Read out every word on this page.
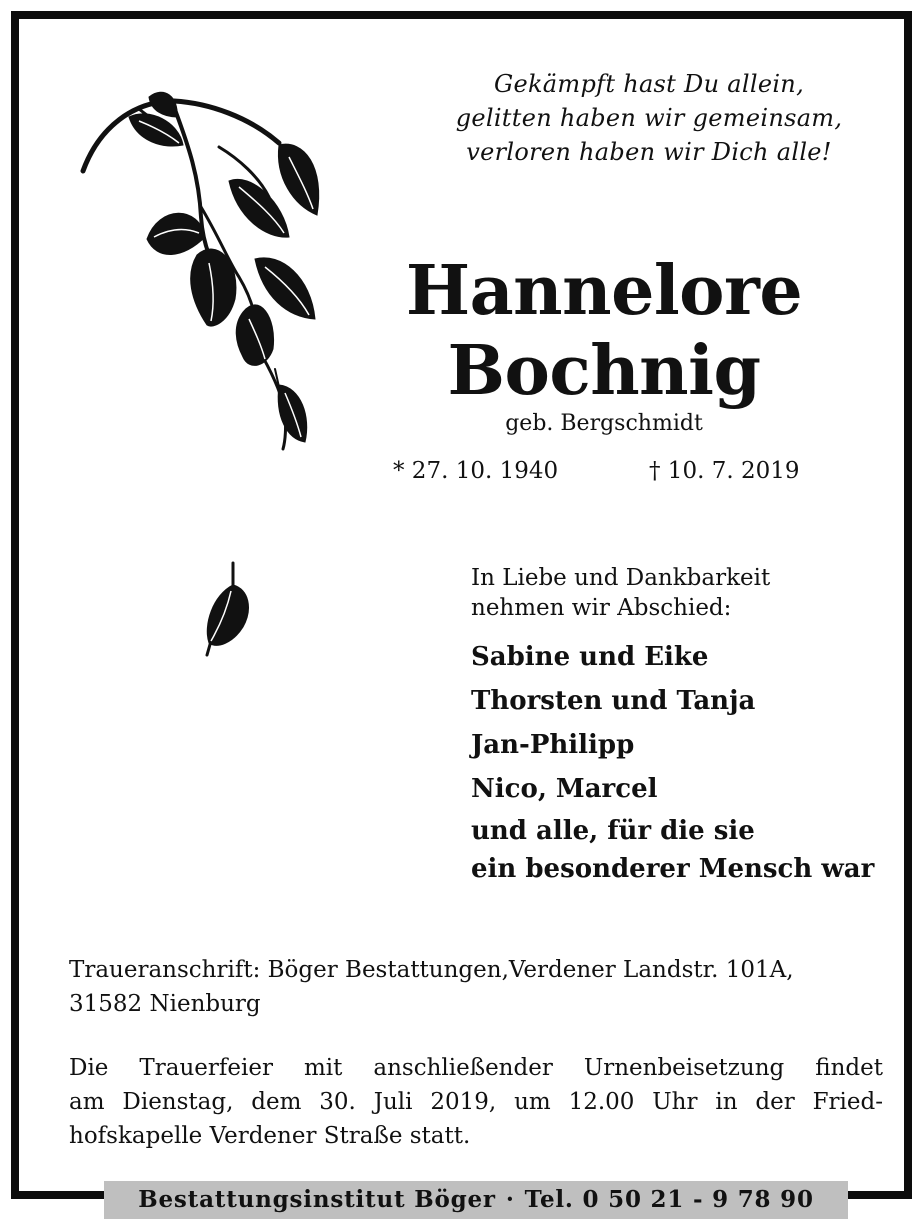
Gekämpft hast Du allein,
gelitten haben wir gemeinsam,
verloren haben wir Dich alle!
Hannelore
Bochnig
geb. Bergschmidt
* 27. 10. 1940	† 10. 7. 2019
In Liebe und Dankbarkeit
nehmen wir Abschied:
Sabine und Eike
Thorsten und Tanja
Jan-Philipp
Nico, Marcel
und alle, für die sie
ein besonderer Mensch war
Traueranschrift: Böger Bestattungen,Verdener Landstr. 101A,
31582 Nienburg
Die Trauerfeier mit anschließender Urnenbeisetzung findet
am Dienstag, dem 30. Juli 2019, um 12.00 Uhr in der Fried-
hofskapelle Verdener Straße statt.
Bestattungsinstitut Böger · Tel. 0 50 21 - 9 78 90
